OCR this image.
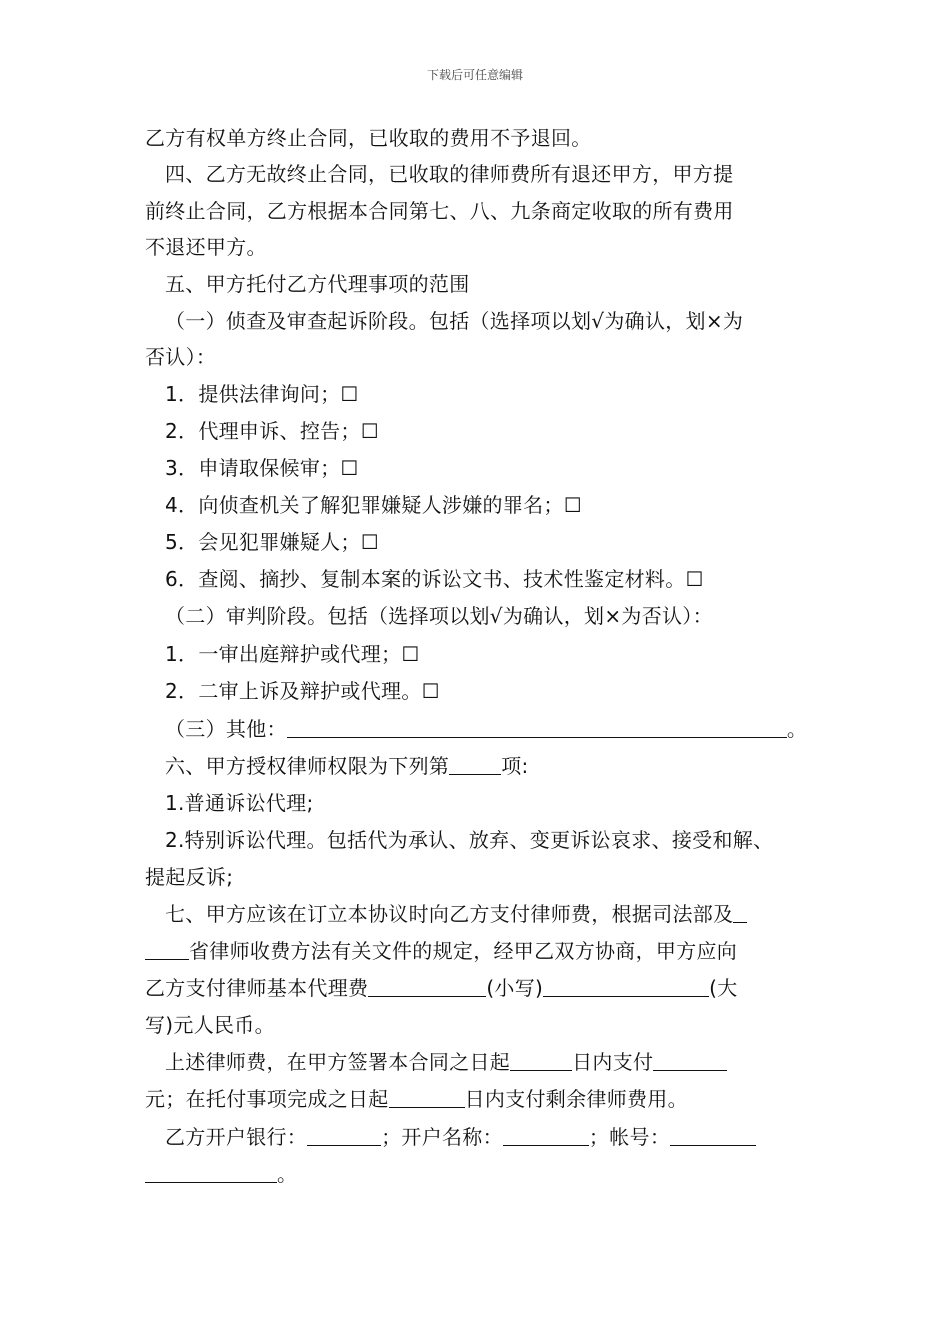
下载后可任意编辑
乙方有权单方终止合同，已收取的费用不予退回。
四、乙方无故终止合同，已收取的律师费所有退还甲方，甲方提
前终止合同，乙方根据本合同第七、八、九条商定收取的所有费用
不退还甲方。
五、甲方托付乙方代理事项的范围
（一）侦查及审查起诉阶段。包括（选择项以划√为确认，划×为
否认）：
1．提供法律询问；☐
2．代理申诉、控告；☐
3．申请取保候审；☐
4．向侦查机关了解犯罪嫌疑人涉嫌的罪名；☐
5．会见犯罪嫌疑人；☐
6．查阅、摘抄、复制本案的诉讼文书、技术性鉴定材料。☐
（二）审判阶段。包括（选择项以划√为确认，划×为否认）：
1．一审出庭辩护或代理；☐
2．二审上诉及辩护或代理。☐
（三）其他：	。
六、甲方授权律师权限为下列第	项:
1.普通诉讼代理;
2.特别诉讼代理。包括代为承认、放弃、变更诉讼哀求、接受和解、
提起反诉;
七、甲方应该在订立本协议时向乙方支付律师费，根据司法部及
省律师收费方法有关文件的规定，经甲乙双方协商，甲方应向
乙方支付律师基本代理费	(小写)	(大
写)元人民币。
上述律师费，在甲方签署本合同之日起	日内支付
元；在托付事项完成之日起	日内支付剩余律师费用。
乙方开户银行：	；开户名称：	；帐号：
。
